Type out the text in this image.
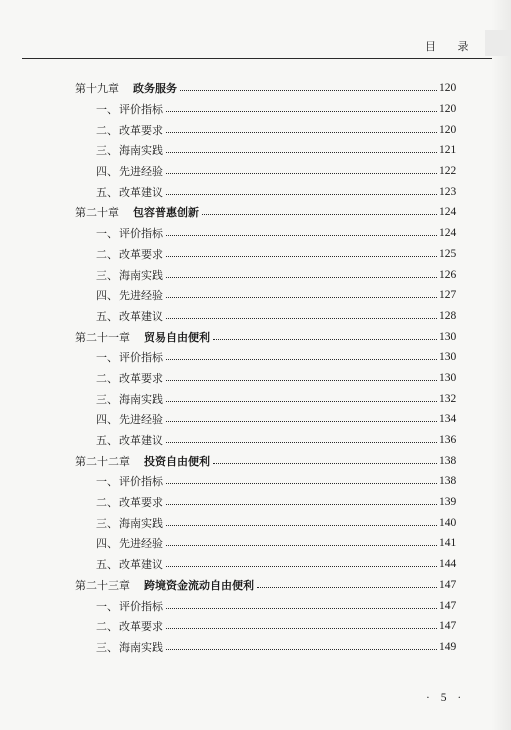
目 录
第十九章 政务服务	120
一、评价指标	120
二、改革要求	120
三、海南实践	121
四、先进经验	122
五、改革建议	123
第二十章 包容普惠创新	124
一、评价指标	124
二、改革要求	125
三、海南实践	126
四、先进经验	127
五、改革建议	128
第二十一章 贸易自由便利	130
一、评价指标	130
二、改革要求	130
三、海南实践	132
四、先进经验	134
五、改革建议	136
第二十二章 投资自由便利	138
一、评价指标	138
二、改革要求	139
三、海南实践	140
四、先进经验	141
五、改革建议	144
第二十三章 跨境资金流动自由便利	147
一、评价指标	147
二、改革要求	147
三、海南实践	149
· 5 ·
